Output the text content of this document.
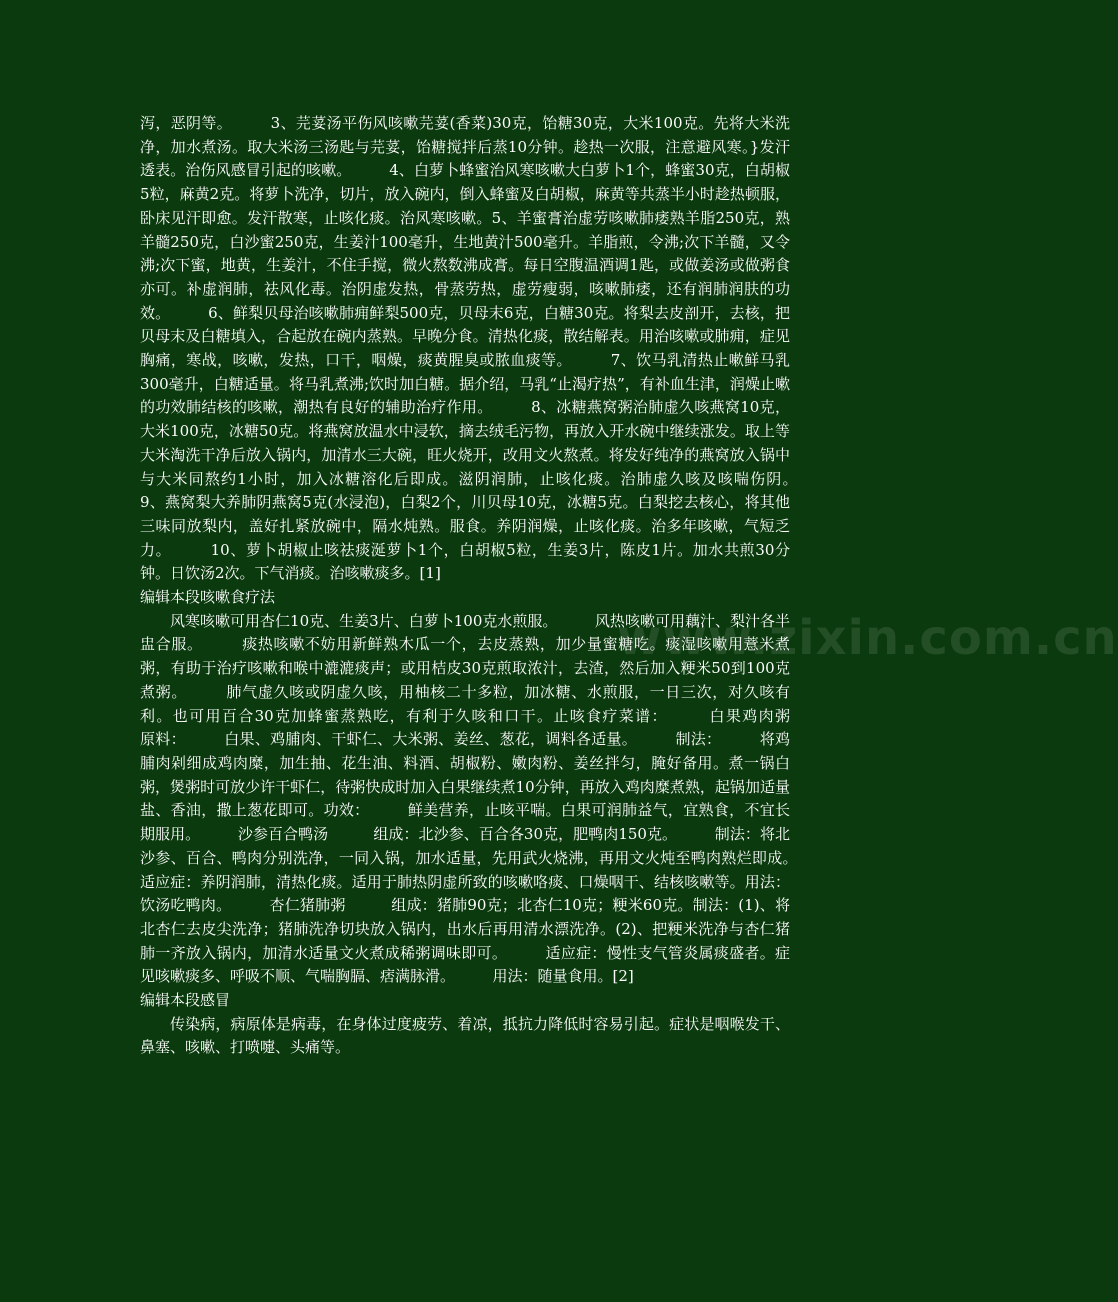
www.zixin.com.cn

泻，恶阴等。　　　3、芫荽汤平伤风咳嗽芫荽(香菜)30克，饴糖30克，大米100克。先将大米洗净，加水煮汤。取大米汤三汤匙与芫荽，饴糖搅拌后蒸10分钟。趁热一次服，注意避风寒。}发汗透表。治伤风感冒引起的咳嗽。　　　4、白萝卜蜂蜜治风寒咳嗽大白萝卜1个，蜂蜜30克，白胡椒5粒，麻黄2克。将萝卜洗净，切片，放入碗内，倒入蜂蜜及白胡椒，麻黄等共蒸半小时趁热顿服，卧床见汗即愈。发汗散寒，止咳化痰。治风寒咳嗽。5、羊蜜膏治虚劳咳嗽肺痿熟羊脂250克，熟羊髓250克，白沙蜜250克，生姜汁100毫升，生地黄汁500毫升。羊脂煎，令沸;次下羊髓，又令沸;次下蜜，地黄，生姜汁，不住手搅，微火熬数沸成膏。每日空腹温酒调1匙，或做姜汤或做粥食亦可。补虚润肺，祛风化毒。治阴虚发热，骨蒸劳热，虚劳瘦弱，咳嗽肺痿，还有润肺润肤的功效。　　　6、鲜梨贝母治咳嗽肺痈鲜梨500克，贝母末6克，白糖30克。将梨去皮剖开，去核，把贝母末及白糖填入，合起放在碗内蒸熟。早晚分食。清热化痰，散结解表。用治咳嗽或肺痈，症见胸痛，寒战，咳嗽，发热，口干，咽燥，痰黄腥臭或脓血痰等。　　　7、饮马乳清热止嗽鲜马乳300毫升，白糖适量。将马乳煮沸;饮时加白糖。据介绍，马乳“止渴疗热”，有补血生津，润燥止嗽的功效肺结核的咳嗽，潮热有良好的辅助治疗作用。　　　8、冰糖燕窝粥治肺虚久咳燕窝10克，大米100克，冰糖50克。将燕窝放温水中浸软，摘去绒毛污物，再放入开水碗中继续涨发。取上等大米淘洗干净后放入锅内，加清水三大碗，旺火烧开，改用文火熬煮。将发好纯净的燕窝放入锅中与大米同熬约1小时，加入冰糖溶化后即成。滋阴润肺，止咳化痰。治肺虚久咳及咳喘伤阴。　　　9、燕窝梨大养肺阴燕窝5克(水浸泡)，白梨2个，川贝母10克，冰糖5克。白梨挖去核心，将其他三味同放梨内，盖好扎紧放碗中，隔水炖熟。服食。养阴润燥，止咳化痰。治多年咳嗽，气短乏力。　　　10、萝卜胡椒止咳祛痰涎萝卜1个，白胡椒5粒，生姜3片，陈皮1片。加水共煎30分钟。日饮汤2次。下气消痰。治咳嗽痰多。[1]

编辑本段咳嗽食疗法

风寒咳嗽可用杏仁10克、生姜3片、白萝卜100克水煎服。　　　风热咳嗽可用藕汁、梨汁各半盅合服。　　　痰热咳嗽不妨用新鲜熟木瓜一个，去皮蒸熟，加少量蜜糖吃。痰湿咳嗽用薏米煮粥，有助于治疗咳嗽和喉中漉漉痰声；或用桔皮30克煎取浓汁，去渣，然后加入粳米50到100克煮粥。　　　肺气虚久咳或阴虚久咳，用柚核二十多粒，加冰糖、水煎服，一日三次，对久咳有利。也可用百合30克加蜂蜜蒸熟吃，有利于久咳和口干。止咳食疗菜谱：　　　白果鸡肉粥　　　　原料：　　　白果、鸡脯肉、干虾仁、大米粥、姜丝、葱花，调料各适量。　　　制法：　　　将鸡脯肉剁细成鸡肉糜，加生抽、花生油、料酒、胡椒粉、嫩肉粉、姜丝拌匀，腌好备用。煮一锅白粥，煲粥时可放少许干虾仁，待粥快成时加入白果继续煮10分钟，再放入鸡肉糜煮熟，起锅加适量盐、香油，撒上葱花即可。功效：　　　鲜美营养，止咳平喘。白果可润肺益气，宜熟食，不宜长期服用。　　　沙参百合鸭汤　　　组成：北沙参、百合各30克，肥鸭肉150克。　　　制法：将北沙参、百合、鸭肉分别洗净，一同入锅，加水适量，先用武火烧沸，再用文火炖至鸭肉熟烂即成。　适应症：养阴润肺，清热化痰。适用于肺热阴虚所致的咳嗽咯痰、口燥咽干、结核咳嗽等。用法：饮汤吃鸭肉。　　　杏仁猪肺粥　　　组成：猪肺90克；北杏仁10克；粳米60克。制法：(1)、将北杏仁去皮尖洗净；猪肺洗净切块放入锅内，出水后再用清水漂洗净。(2)、把粳米洗净与杏仁猪肺一齐放入锅内，加清水适量文火煮成稀粥调味即可。　　　适应症：慢性支气管炎属痰盛者。症见咳嗽痰多、呼吸不顺、气喘胸膈、痞满脉滑。　　　用法：随量食用。[2]

编辑本段感冒

传染病，病原体是病毒，在身体过度疲劳、着凉，抵抗力降低时容易引起。症状是咽喉发干、鼻塞、咳嗽、打喷嚏、头痛等。
